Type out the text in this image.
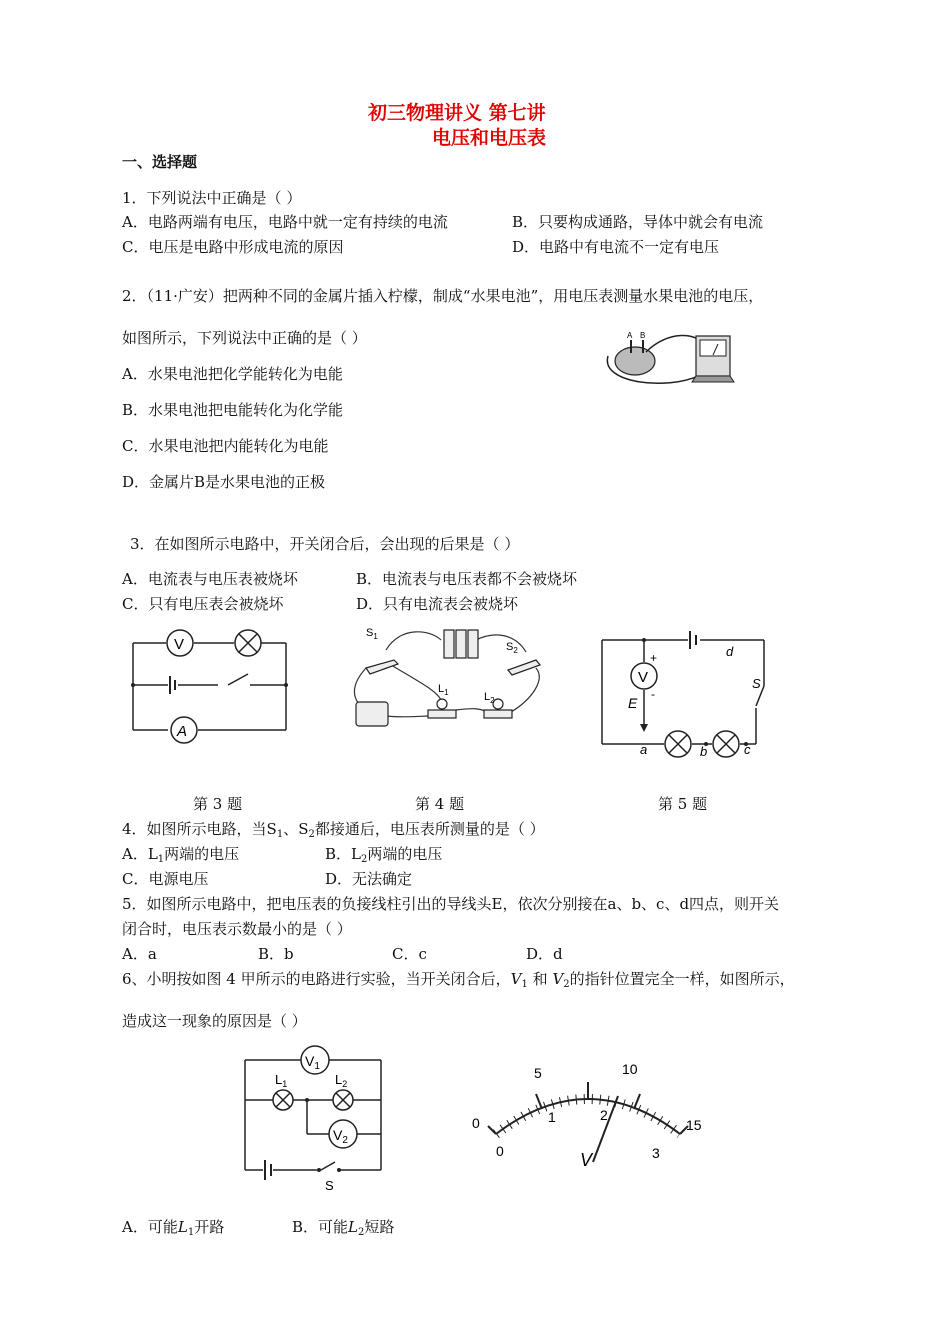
初三物理讲义 第七讲
电压和电压表
一、选择题
1．下列说法中正确是（ ）
A．电路两端有电压，电路中就一定有持续的电流	B．只要构成通路，导体中就会有电流
C．电压是电路中形成电流的原因	D．电路中有电流不一定有电压
2．（11·广安）把两种不同的金属片插入柠檬，制成“水果电池”，用电压表测量水果电池的电压，
如图所示，下列说法中正确的是（ ）
A．水果电池把化学能转化为电能
B．水果电池把电能转化为化学能
C．水果电池把内能转化为电能
D．金属片B是水果电池的正极
A B
3．在如图所示电路中，开关闭合后，会出现的后果是（ ）
A．电流表与电压表被烧坏	B．电流表与电压表都不会被烧坏
C．只有电压表会被烧坏	D．只有电流表会被烧坏
V
A
$S_1$
$S_2$
$L_1$	$L_2$
V
+
-
E
a	b	c
d
S
第 3 题	第 4 题	第 5 题
4．如图所示电路，当$S_1$、$S_2$都接通后，电压表所测量的是（ ）
A．$L_1$两端的电压	B．$L_2$两端的电压
C．电源电压	D．无法确定
5．如图所示电路中，把电压表的负接线柱引出的导线头E，依次分别接在a、b、c、d四点，则开关
闭合时，电压表示数最小的是（ ）
A．a	B．b	C．c	D．d
6、小明按如图 4 甲所示的电路进行实验，当开关闭合后，$V_1$ 和 $V_2$的指针位置完全一样，如图所示，
造成这一现象的原因是（ ）
$V_1$
$V_2$
$L_1$	$L_2$
S
0
5	10
15
0
1	2
3
V
A．可能$L_1$开路	B．可能$L_2$短路
